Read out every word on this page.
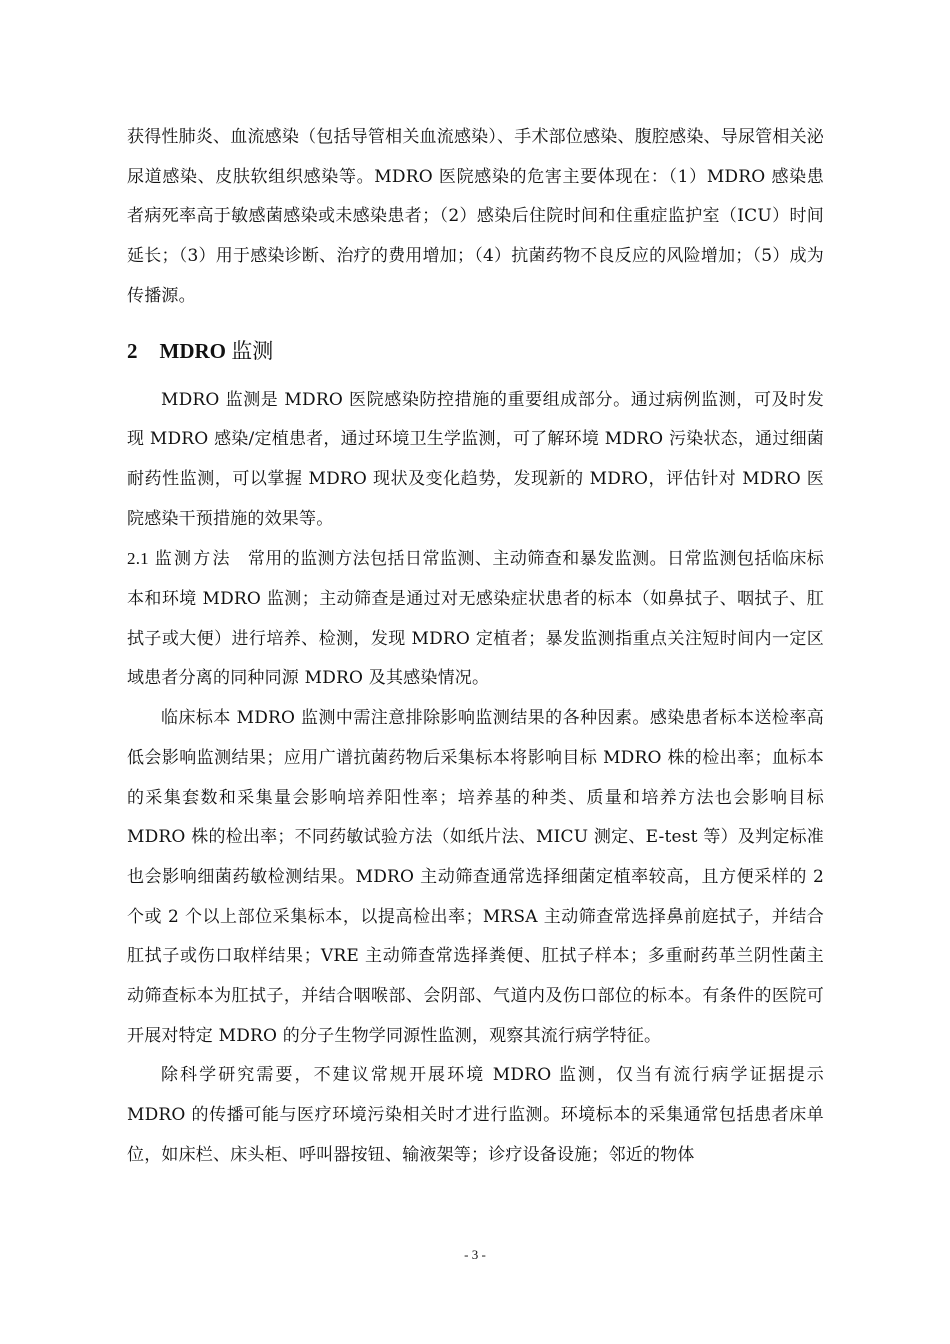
获得性肺炎、血流感染（包括导管相关血流感染）、手术部位感染、腹腔感染、导尿管相关泌尿道感染、皮肤软组织感染等。MDRO 医院感染的危害主要体现在：（1）MDRO 感染患者病死率高于敏感菌感染或未感染患者；（2）感染后住院时间和住重症监护室（ICU）时间延长；（3）用于感染诊断、治疗的费用增加；（4）抗菌药物不良反应的风险增加；（5）成为传播源。

2 MDRO 监测

MDRO 监测是 MDRO 医院感染防控措施的重要组成部分。通过病例监测，可及时发现 MDRO 感染/定植患者，通过环境卫生学监测，可了解环境 MDRO 污染状态，通过细菌耐药性监测，可以掌握 MDRO 现状及变化趋势，发现新的 MDRO，评估针对 MDRO 医院感染干预措施的效果等。

2.1 监测方法 常用的监测方法包括日常监测、主动筛查和暴发监测。日常监测包括临床标本和环境 MDRO 监测；主动筛查是通过对无感染症状患者的标本（如鼻拭子、咽拭子、肛拭子或大便）进行培养、检测，发现 MDRO 定植者；暴发监测指重点关注短时间内一定区域患者分离的同种同源 MDRO 及其感染情况。

临床标本 MDRO 监测中需注意排除影响监测结果的各种因素。感染患者标本送检率高低会影响监测结果；应用广谱抗菌药物后采集标本将影响目标 MDRO 株的检出率；血标本的采集套数和采集量会影响培养阳性率；培养基的种类、质量和培养方法也会影响目标 MDRO 株的检出率；不同药敏试验方法（如纸片法、MICU 测定、E-test 等）及判定标准也会影响细菌药敏检测结果。MDRO 主动筛查通常选择细菌定植率较高，且方便采样的 2 个或 2 个以上部位采集标本，以提高检出率；MRSA 主动筛查常选择鼻前庭拭子，并结合肛拭子或伤口取样结果；VRE 主动筛查常选择粪便、肛拭子样本；多重耐药革兰阴性菌主动筛查标本为肛拭子，并结合咽喉部、会阴部、气道内及伤口部位的标本。有条件的医院可开展对特定 MDRO 的分子生物学同源性监测，观察其流行病学特征。

除科学研究需要，不建议常规开展环境 MDRO 监测，仅当有流行病学证据提示 MDRO 的传播可能与医疗环境污染相关时才进行监测。环境标本的采集通常包括患者床单位，如床栏、床头柜、呼叫器按钮、输液架等；诊疗设备设施；邻近的物体

- 3 -
